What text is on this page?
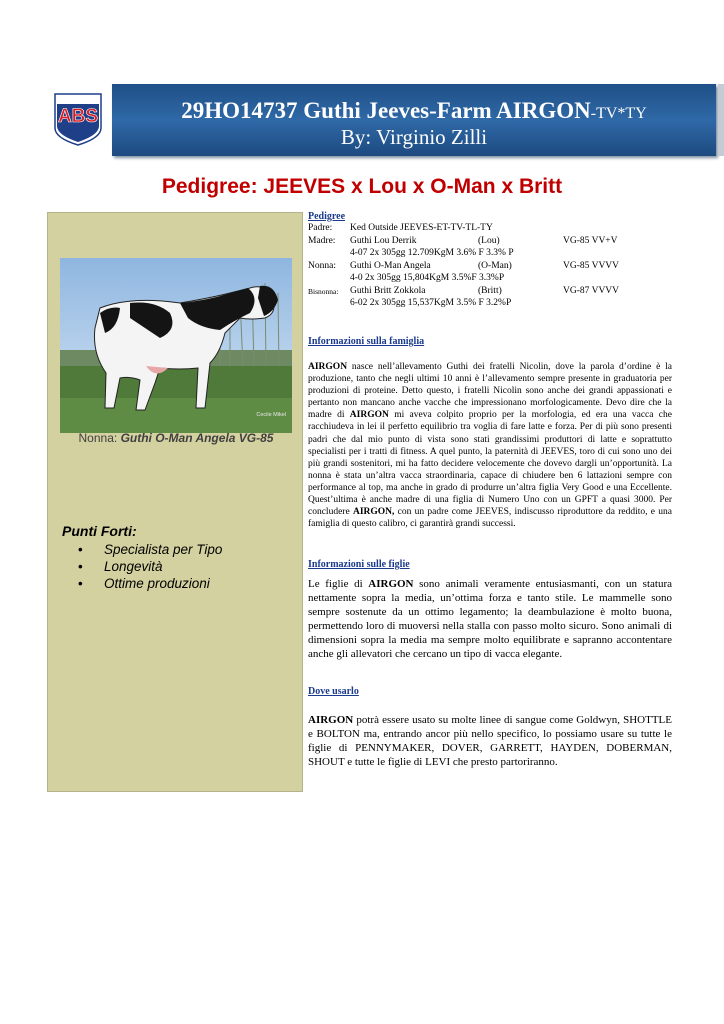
ABS	29HO14737 Guthi Jeeves-Farm AIRGON-TV*TY
By: Virginio Zilli
Pedigree: JEEVES x Lou x O-Man x Britt
Cecile Mikel
Nonna: Guthi O-Man Angela VG-85
Punti Forti:
• Specialista per Tipo
• Longevità
• Ottime produzioni
Pedigree
Padre: Ked Outside JEEVES-ET-TV-TL-TY
Madre: Guthi Lou Derrik	(Lou)	VG-85 VV+V
4-07 2x 305gg 12.709KgM 3.6% F 3.3% P
Nonna: Guthi O-Man Angela	(O-Man)	VG-85 VVVV
4-0 2x 305gg 15,804KgM 3.5%F 3.3%P
Bisnonna: Guthi Britt Zokkola	(Britt)	VG-87 VVVV
6-02 2x 305gg 15,537KgM 3.5% F 3.2%P
Informazioni sulla famiglia
AIRGON nasce nell’allevamento Guthi dei fratelli Nicolin, dove la parola d’ordine è la produzione, tanto che negli ultimi 10 anni è l’allevamento sempre presente in graduatoria per produzioni di proteine. Detto questo, i fratelli Nicolin sono anche dei grandi appassionati e pertanto non mancano anche vacche che impressionano morfologicamente. Devo dire che la madre di AIRGON mi aveva colpito proprio per la morfologia, ed era una vacca che racchiudeva in lei il perfetto equilibrio tra voglia di fare latte e forza. Per di più sono presenti padri che dal mio punto di vista sono stati grandissimi produttori di latte e soprattutto specialisti per i tratti di fitness. A quel punto, la paternità di JEEVES, toro di cui sono uno dei più grandi sostenitori, mi ha fatto decidere velocemente che dovevo dargli un’opportunità. La nonna è stata un’altra vacca straordinaria, capace di chiudere ben 6 lattazioni sempre con performance al top, ma anche in grado di produrre un’altra figlia Very Good e una Eccellente. Quest’ultima è anche madre di una figlia di Numero Uno con un GPFT a quasi 3000. Per concludere AIRGON, con un padre come JEEVES, indiscusso riproduttore da reddito, e una famiglia di questo calibro, ci garantirà grandi successi.
Informazioni sulle figlie
Le figlie di AIRGON sono animali veramente entusiasmanti, con un statura nettamente sopra la media, un’ottima forza e tanto stile. Le mammelle sono sempre sostenute da un ottimo legamento; la deambulazione è molto buona, permettendo loro di muoversi nella stalla con passo molto sicuro. Sono animali di dimensioni sopra la media ma sempre molto equilibrate e sapranno accontentare anche gli allevatori che cercano un tipo di vacca elegante.
Dove usarlo
AIRGON potrà essere usato su molte linee di sangue come Goldwyn, SHOTTLE e BOLTON ma, entrando ancor più nello specifico, lo possiamo usare su tutte le figlie di PENNYMAKER, DOVER, GARRETT, HAYDEN, DOBERMAN, SHOUT e tutte le figlie di LEVI che presto partoriranno.
